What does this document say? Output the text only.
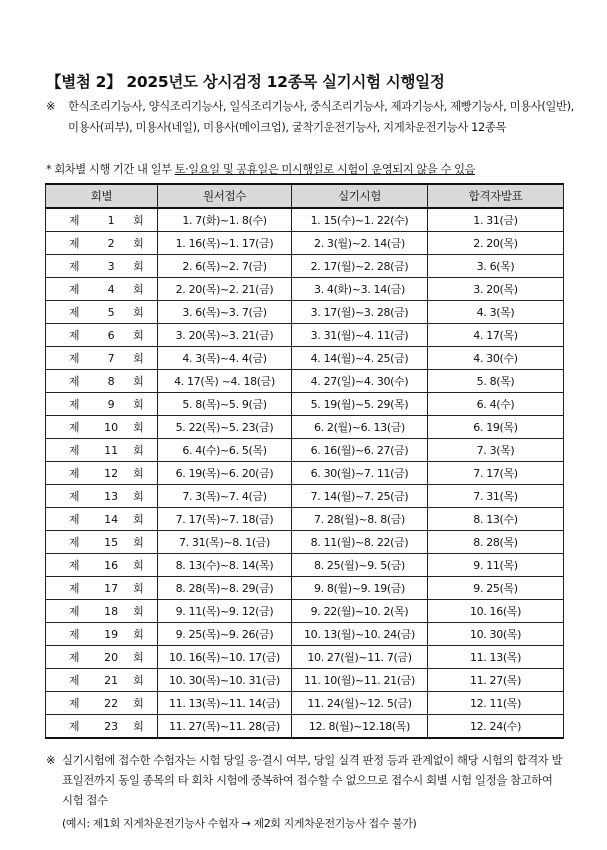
【별첨 2】 2025년도 상시검정 12종목 실기시험 시행일정
※ 한식조리기능사, 양식조리기능사, 일식조리기능사, 중식조리기능사, 제과기능사, 제빵기능사, 미용사(일반), 미용사(피부), 미용사(네일), 미용사(메이크업), 굴착기운전기능사, 지게차운전기능사 12종목
* 회차별 시행 기간 내 일부 토·일요일 및 공휴일은 미시행일로 시험이 운영되지 않을 수 있음
회별	원서접수	실기시험	합격자발표
제 1 회	1. 7(화)~1. 8(수)	1. 15(수)~1. 22(수)	1. 31(금)
제 2 회	1. 16(목)~1. 17(금)	2. 3(월)~2. 14(금)	2. 20(목)
제 3 회	2. 6(목)~2. 7(금)	2. 17(월)~2. 28(금)	3. 6(목)
제 4 회	2. 20(목)~2. 21(금)	3. 4(화)~3. 14(금)	3. 20(목)
제 5 회	3. 6(목)~3. 7(금)	3. 17(월)~3. 28(금)	4. 3(목)
제 6 회	3. 20(목)~3. 21(금)	3. 31(월)~4. 11(금)	4. 17(목)
제 7 회	4. 3(목)~4. 4(금)	4. 14(월)~4. 25(금)	4. 30(수)
제 8 회	4. 17(목) ~4. 18(금)	4. 27(일)~4. 30(수)	5. 8(목)
제 9 회	5. 8(목)~5. 9(금)	5. 19(월)~5. 29(목)	6. 4(수)
제 10 회	5. 22(목)~5. 23(금)	6. 2(월)~6. 13(금)	6. 19(목)
제 11 회	6. 4(수)~6. 5(목)	6. 16(월)~6. 27(금)	7. 3(목)
제 12 회	6. 19(목)~6. 20(금)	6. 30(월)~7. 11(금)	7. 17(목)
제 13 회	7. 3(목)~7. 4(금)	7. 14(월)~7. 25(금)	7. 31(목)
제 14 회	7. 17(목)~7. 18(금)	7. 28(월)~8. 8(금)	8. 13(수)
제 15 회	7. 31(목)~8. 1(금)	8. 11(월)~8. 22(금)	8. 28(목)
제 16 회	8. 13(수)~8. 14(목)	8. 25(월)~9. 5(금)	9. 11(목)
제 17 회	8. 28(목)~8. 29(금)	9. 8(월)~9. 19(금)	9. 25(목)
제 18 회	9. 11(목)~9. 12(금)	9. 22(월)~10. 2(목)	10. 16(목)
제 19 회	9. 25(목)~9. 26(금)	10. 13(월)~10. 24(금)	10. 30(목)
제 20 회	10. 16(목)~10. 17(금)	10. 27(월)~11. 7(금)	11. 13(목)
제 21 회	10. 30(목)~10. 31(금)	11. 10(월)~11. 21(금)	11. 27(목)
제 22 회	11. 13(목)~11. 14(금)	11. 24(월)~12. 5(금)	12. 11(목)
제 23 회	11. 27(목)~11. 28(금)	12. 8(월)~12.18(목)	12. 24(수)
※ 실기시험에 접수한 수험자는 시험 당일 응·결시 여부, 당일 실격 판정 등과 관계없이 해당 시험의 합격자 발표일전까지 동일 종목의 타 회차 시험에 중복하여 접수할 수 없으므로 접수시 회별 시험 일정을 참고하여 시험 접수
(예시: 제1회 지게차운전기능사 수험자 → 제2회 지게차운전기능사 접수 불가)
